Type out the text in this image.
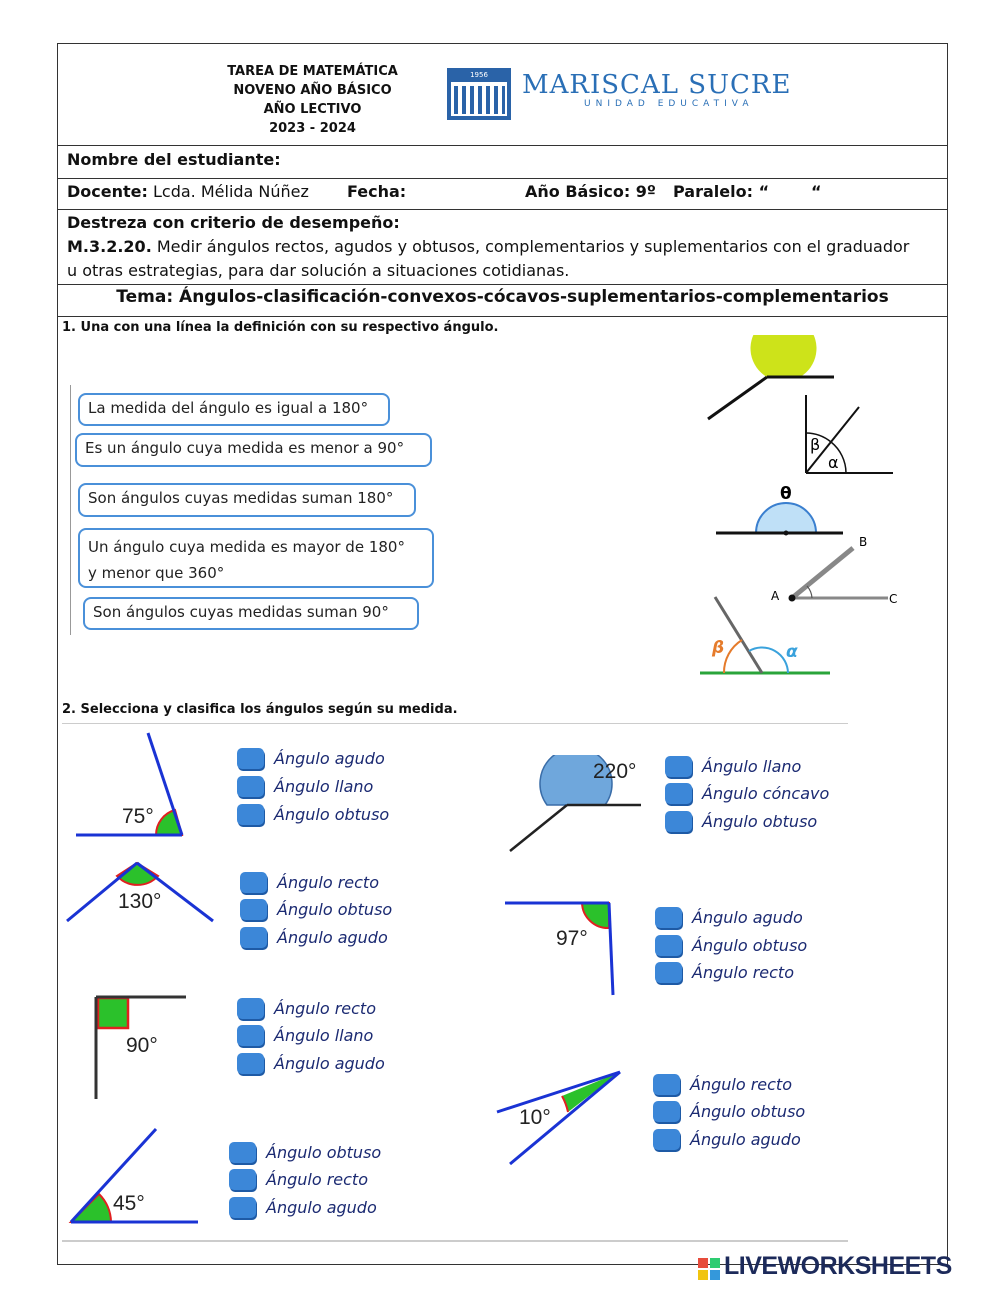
TAREA DE MATEMÁTICA
NOVENO AÑO BÁSICO
AÑO LECTIVO
2023 - 2024
1956 MARISCAL SUCRE
UNIDAD EDUCATIVA
Nombre del estudiante:
Docente: Lcda. Mélida Núñez Fecha:	Año Básico: 9º Paralelo: “	“
Destreza con criterio de desempeño:
M.3.2.20. Medir ángulos rectos, agudos y obtusos, complementarios y suplementarios con el graduador
u otras estrategias, para dar solución a situaciones cotidianas.
Tema: Ángulos-clasificación-convexos-cócavos-suplementarios-complementarios
1. Una con una línea la definición con su respectivo ángulo.
La medida del ángulo es igual a 180°
Es un ángulo cuya medida es menor a 90°
Son ángulos cuyas medidas suman 180°
Un ángulo cuya medida es mayor de 180°
y menor que 360°
Son ángulos cuyas medidas suman 90°
β
α
θ
A
B
C
β	α
2. Selecciona y clasifica los ángulos según su medida.
75°
Ángulo agudo
Ángulo llano
Ángulo obtuso
220°	Ángulo llano
Ángulo cóncavo
Ángulo obtuso
130°
Ángulo recto
Ángulo obtuso
Ángulo agudo	97°
Ángulo agudo
Ángulo obtuso
Ángulo recto
90°
Ángulo recto
Ángulo llano
Ángulo agudo
10°
Ángulo recto
Ángulo obtuso
Ángulo agudo
45°
Ángulo obtuso
Ángulo recto
Ángulo agudo
LIVEWORKSHEETS
